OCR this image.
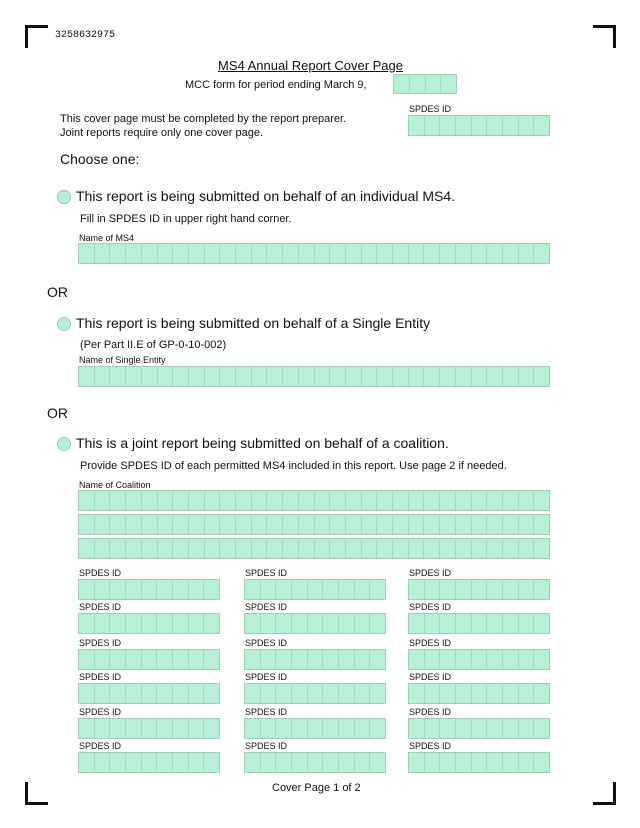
3258632975
MS4 Annual Report Cover Page
MCC form for period ending March 9,
SPDES ID
This cover page must be completed by the report preparer.
Joint reports require only one cover page.
Choose one:
This report is being submitted on behalf of an individual MS4.
Fill in SPDES ID in upper right hand corner.
Name of MS4
OR
This report is being submitted on behalf of a Single Entity
(Per Part II.E of GP-0-10-002)
Name of Single Entity
OR
This is a joint report being submitted on behalf of a coalition.
Provide SPDES ID of each permitted MS4 included in this report. Use page 2 if needed.
Name of Coalition
SPDES ID	SPDES ID	SPDES ID
SPDES ID	SPDES ID	SPDES ID
SPDES ID	SPDES ID	SPDES ID
SPDES ID	SPDES ID	SPDES ID
SPDES ID	SPDES ID	SPDES ID
SPDES ID	SPDES ID	SPDES ID
Cover Page 1 of 2
